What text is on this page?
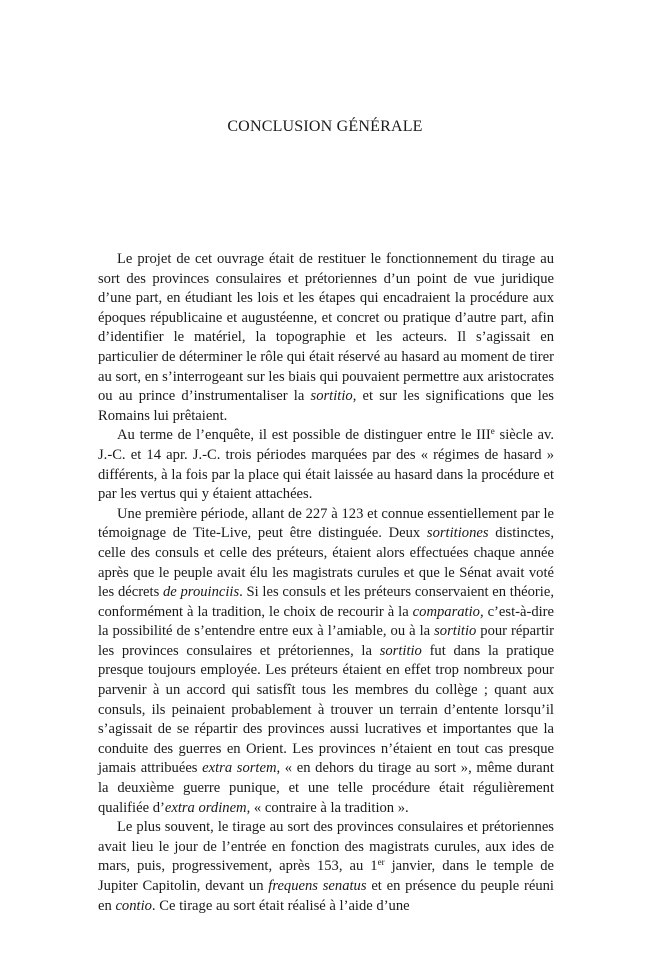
CONCLUSION GÉNÉRALE

Le projet de cet ouvrage était de restituer le fonctionnement du tirage au sort des provinces consulaires et prétoriennes d’un point de vue juridique d’une part, en étudiant les lois et les étapes qui encadraient la procédure aux époques républicaine et augustéenne, et concret ou pratique d’autre part, afin d’identifier le matériel, la topographie et les acteurs. Il s’agissait en particulier de déterminer le rôle qui était réservé au hasard au moment de tirer au sort, en s’interrogeant sur les biais qui pouvaient permettre aux aristocrates ou au prince d’instrumentaliser la sortitio, et sur les significations que les Romains lui prêtaient.

Au terme de l’enquête, il est possible de distinguer entre le IIIe siècle av. J.-C. et 14 apr. J.-C. trois périodes marquées par des « régimes de hasard » différents, à la fois par la place qui était laissée au hasard dans la procédure et par les vertus qui y étaient attachées.

Une première période, allant de 227 à 123 et connue essentiellement par le témoignage de Tite-Live, peut être distinguée. Deux sortitiones distinctes, celle des consuls et celle des préteurs, étaient alors effectuées chaque année après que le peuple avait élu les magistrats curules et que le Sénat avait voté les décrets de prouinciis. Si les consuls et les préteurs conservaient en théorie, conformément à la tradition, le choix de recourir à la comparatio, c’est-à-dire la possibilité de s’entendre entre eux à l’amiable, ou à la sortitio pour répartir les provinces consulaires et prétoriennes, la sortitio fut dans la pratique presque toujours employée. Les préteurs étaient en effet trop nombreux pour parvenir à un accord qui satisfît tous les membres du collège ; quant aux consuls, ils peinaient probablement à trouver un terrain d’entente lorsqu’il s’agissait de se répartir des provinces aussi lucratives et importantes que la conduite des guerres en Orient. Les provinces n’étaient en tout cas presque jamais attribuées extra sortem, « en dehors du tirage au sort », même durant la deuxième guerre punique, et une telle procédure était régulièrement qualifiée d’extra ordinem, « contraire à la tradition ».

Le plus souvent, le tirage au sort des provinces consulaires et prétoriennes avait lieu le jour de l’entrée en fonction des magistrats curules, aux ides de mars, puis, progressivement, après 153, au 1er janvier, dans le temple de Jupiter Capitolin, devant un frequens senatus et en présence du peuple réuni en contio. Ce tirage au sort était réalisé à l’aide d’une
